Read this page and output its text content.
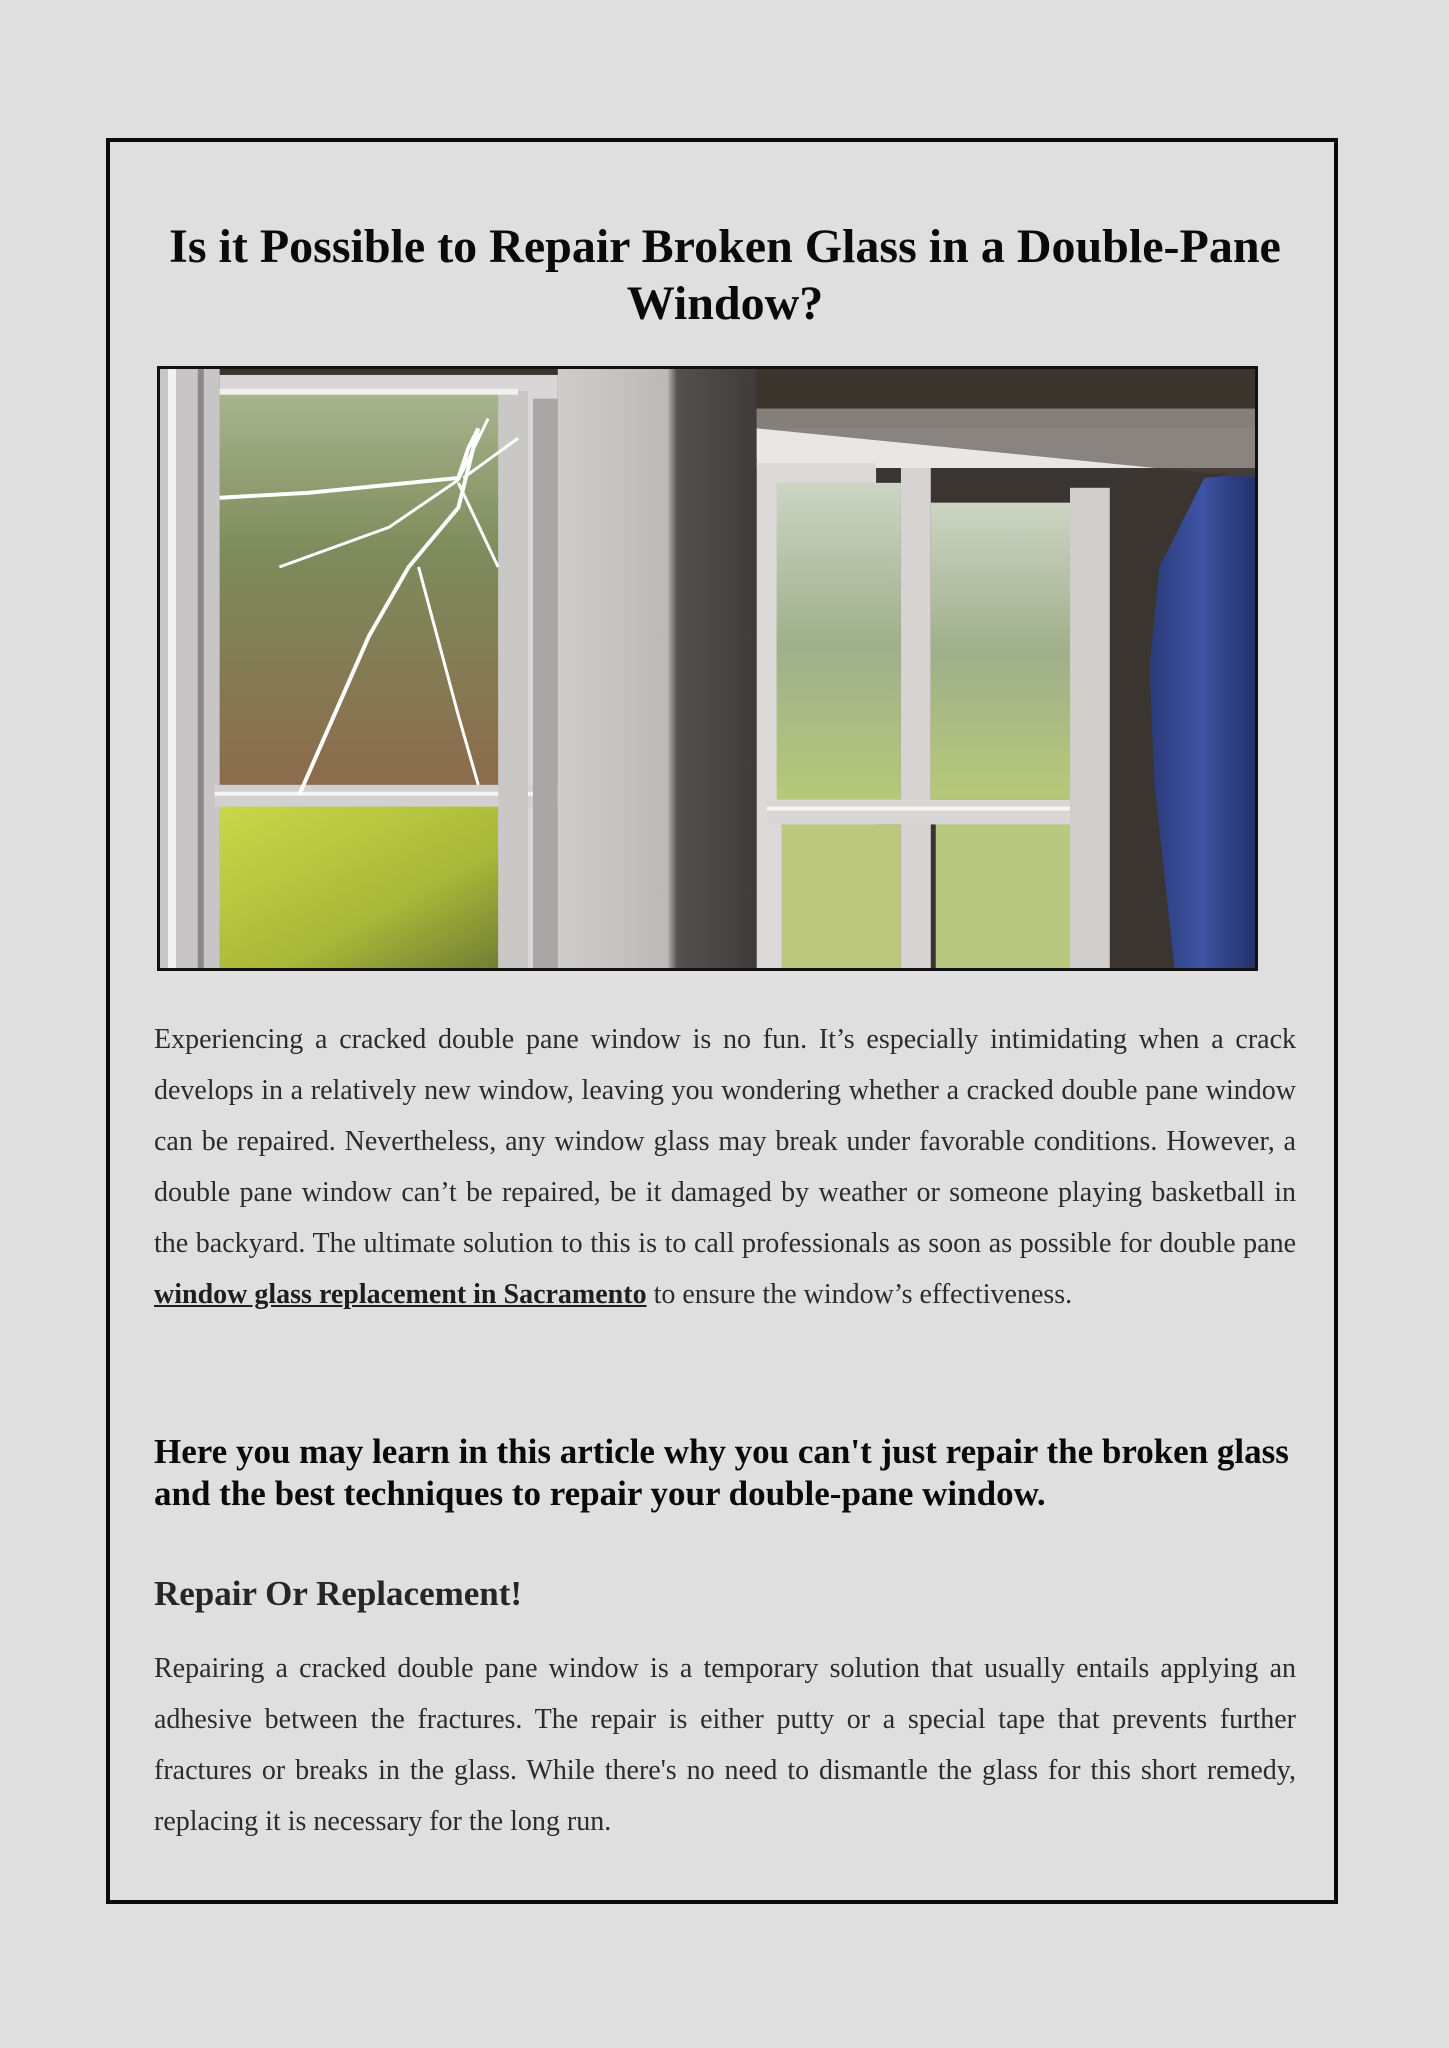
Is it Possible to Repair Broken Glass in a Double-Pane Window?

Experiencing a cracked double pane window is no fun. It’s especially intimidating when a crack develops in a relatively new window, leaving you wondering whether a cracked double pane window can be repaired. Nevertheless, any window glass may break under favorable conditions. However, a double pane window can’t be repaired, be it damaged by weather or someone playing basketball in the backyard. The ultimate solution to this is to call professionals as soon as possible for double pane window glass replacement in Sacramento to ensure the window’s effectiveness.

Here you may learn in this article why you can't just repair the broken glass and the best techniques to repair your double-pane window.
Repair Or Replacement!

Repairing a cracked double pane window is a temporary solution that usually entails applying an adhesive between the fractures. The repair is either putty or a special tape that prevents further fractures or breaks in the glass. While there's no need to dismantle the glass for this short remedy, replacing it is necessary for the long run.
